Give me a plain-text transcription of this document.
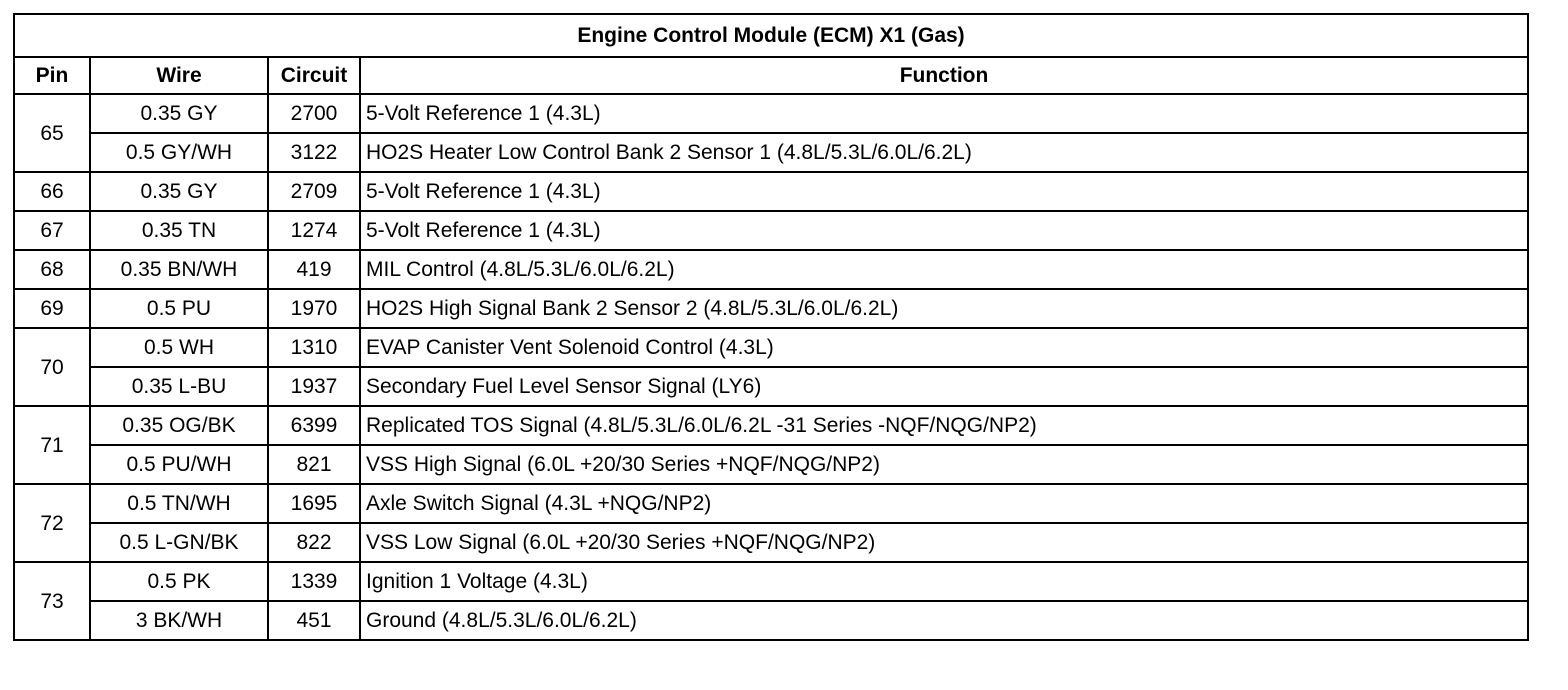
Engine Control Module (ECM) X1 (Gas)			
Pin	Wire	Circuit	Function
65	0.35 GY	2700	5-Volt Reference 1 (4.3L)
	0.5 GY/WH	3122	HO2S Heater Low Control Bank 2 Sensor 1 (4.8L/5.3L/6.0L/6.2L)
66	0.35 GY	2709	5-Volt Reference 1 (4.3L)
67	0.35 TN	1274	5-Volt Reference 1 (4.3L)
68	0.35 BN/WH	419	MIL Control (4.8L/5.3L/6.0L/6.2L)
69	0.5 PU	1970	HO2S High Signal Bank 2 Sensor 2 (4.8L/5.3L/6.0L/6.2L)
70	0.5 WH	1310	EVAP Canister Vent Solenoid Control (4.3L)
	0.35 L-BU	1937	Secondary Fuel Level Sensor Signal (LY6)
71	0.35 OG/BK	6399	Replicated TOS Signal (4.8L/5.3L/6.0L/6.2L -31 Series -NQF/NQG/NP2)
	0.5 PU/WH	821	VSS High Signal (6.0L +20/30 Series +NQF/NQG/NP2)
72	0.5 TN/WH	1695	Axle Switch Signal (4.3L +NQG/NP2)
	0.5 L-GN/BK	822	VSS Low Signal (6.0L +20/30 Series +NQF/NQG/NP2)
73	0.5 PK	1339	Ignition 1 Voltage (4.3L)
	3 BK/WH	451	Ground (4.8L/5.3L/6.0L/6.2L)
